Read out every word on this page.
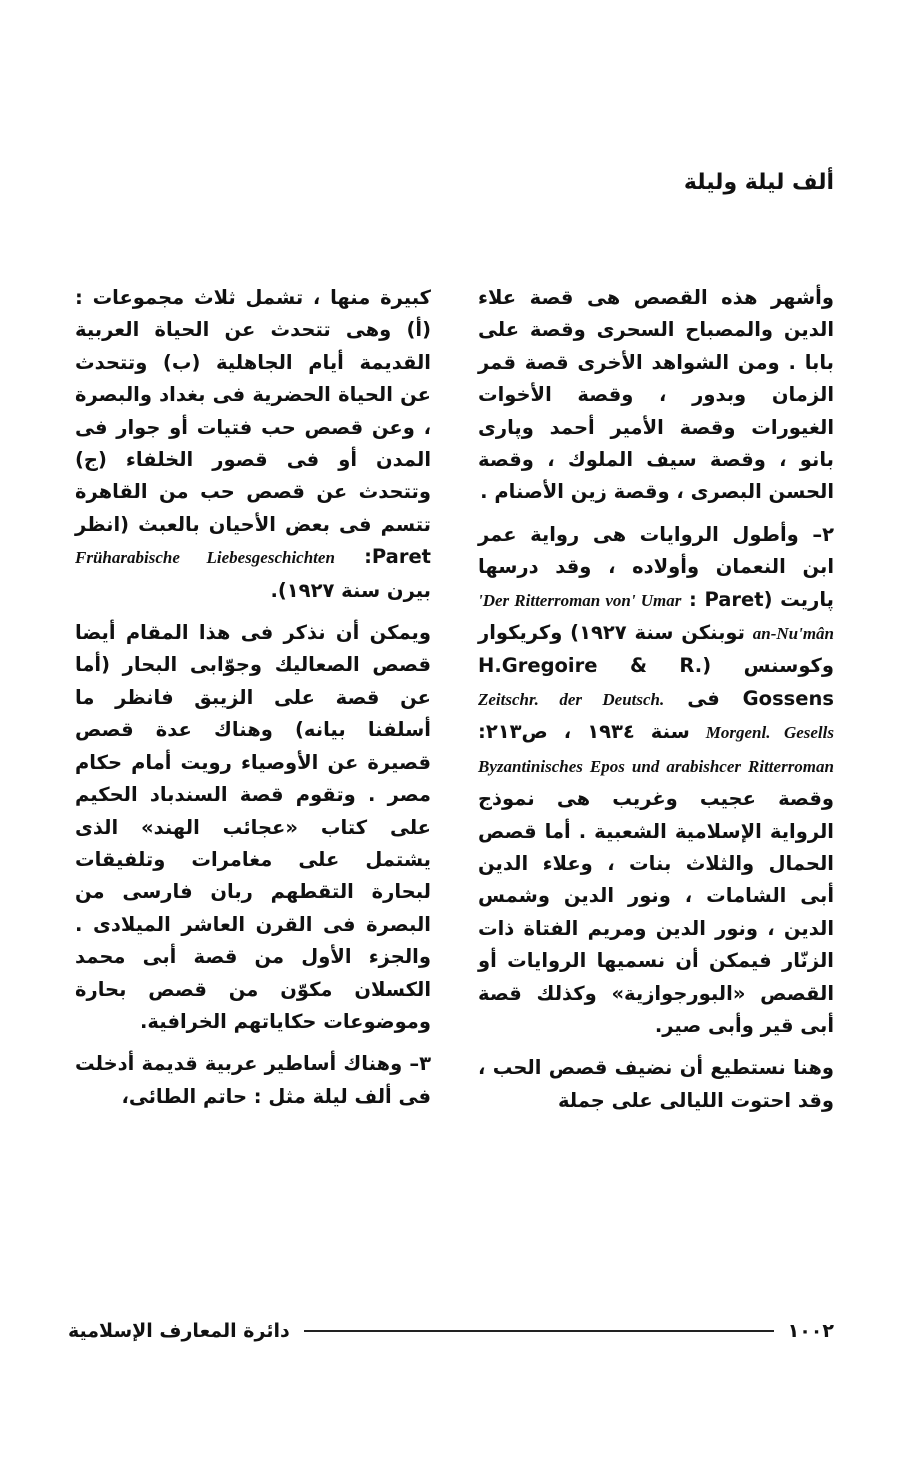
ألف ليلة وليلة

وأشهر هذه القصص هى قصة علاء الدين والمصباح السحرى وقصة على بابا . ومن الشواهد الأخرى قصة قمر الزمان وبدور ، وقصة الأخوات الغيورات وقصة الأمير أحمد وپارى بانو ، وقصة سيف الملوك ، وقصة الحسن البصرى ، وقصة زين الأصنام .

٢– وأطول الروايات هى رواية عمر ابن النعمان وأولاده ، وقد درسها پاريت (Paret : 'Der Ritterroman von' Umar an-Nu'mân توبنكن سنة ١٩٢٧) وكريكوار وكوسنس (H.Gregoire & R. Gossens فى Zeitschr. der Deutsch. Morgenl. Gesells سنة ١٩٣٤ ، ص٢١٣: Byzantinisches Epos und arabishcer Ritterroman وقصة عجيب وغريب هى نموذج الرواية الإسلامية الشعبية . أما قصص الحمال والثلاث بنات ، وعلاء الدين أبى الشامات ، ونور الدين وشمس الدين ، ونور الدين ومريم الفتاة ذات الزنّار فيمكن أن نسميها الروايات أو القصص «البورجوازية» وكذلك قصة أبى قير وأبى صير.

وهنا نستطيع أن نضيف قصص الحب ، وقد احتوت الليالى على جملة

كبيرة منها ، تشمل ثلاث مجموعات : (أ) وهى تتحدث عن الحياة العربية القديمة أيام الجاهلية (ب) وتتحدث عن الحياة الحضرية فى بغداد والبصرة ، وعن قصص حب فتيات أو جوار فى المدن أو فى قصور الخلفاء (ج) وتتحدث عن قصص حب من القاهرة تتسم فى بعض الأحيان بالعبث (انظر Paret: Früharabische Liebesgeschichten بيرن سنة ١٩٢٧).

ويمكن أن نذكر فى هذا المقام أيضا قصص الصعاليك وجوّابى البحار (أما عن قصة على الزيبق فانظر ما أسلفنا بيانه) وهناك عدة قصص قصيرة عن الأوصياء رويت أمام حكام مصر . وتقوم قصة السندباد الحكيم على كتاب «عجائب الهند» الذى يشتمل على مغامرات وتلفيقات لبحارة التقطهم ربان فارسى من البصرة فى القرن العاشر الميلادى . والجزء الأول من قصة أبى محمد الكسلان مكوّن من قصص بحارة وموضوعات حكاياتهم الخرافية.

٣– وهناك أساطير عربية قديمة أدخلت فى ألف ليلة مثل : حاتم الطائى،

١٠٠٢
دائرة المعارف الإسلامية
